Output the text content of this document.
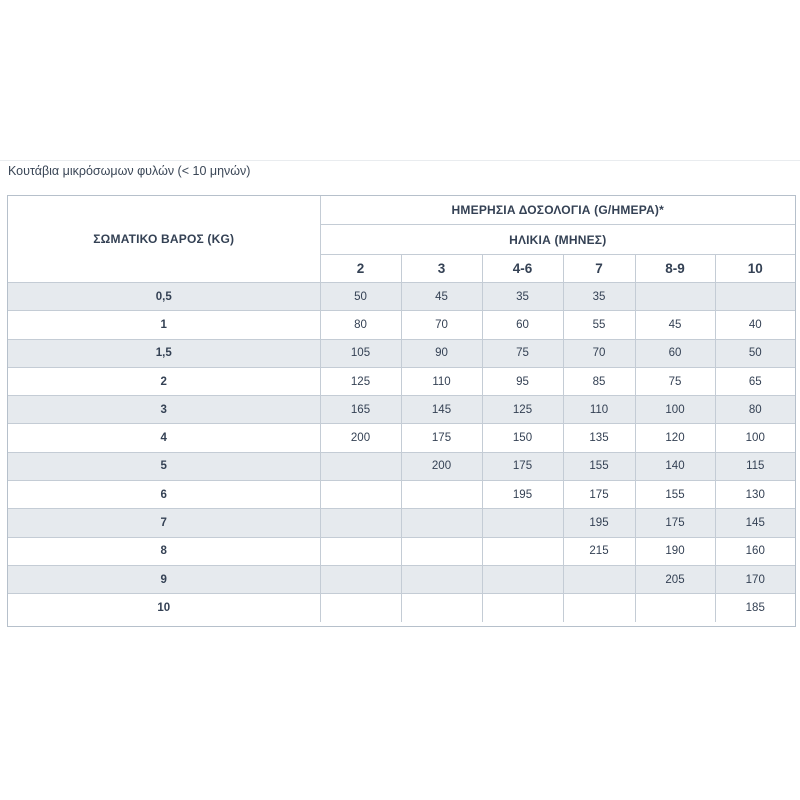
Κουτάβια μικρόσωμων φυλών (< 10 μηνών)
ΣΩΜΑΤΙΚΟ ΒΑΡΟΣ (KG)	ΗΜΕΡΗΣΙΑ ΔΟΣΟΛΟΓΙΑ (G/ΗΜΕΡΑ)*					
	ΗΛΙΚΙΑ (ΜΗΝΕΣ)					
	2	3	4-6	7	8-9	10
0,5	50	45	35	35		
1	80	70	60	55	45	40
1,5	105	90	75	70	60	50
2	125	110	95	85	75	65
3	165	145	125	110	100	80
4	200	175	150	135	120	100
5		200	175	155	140	115
6			195	175	155	130
7				195	175	145
8				215	190	160
9					205	170
10						185
